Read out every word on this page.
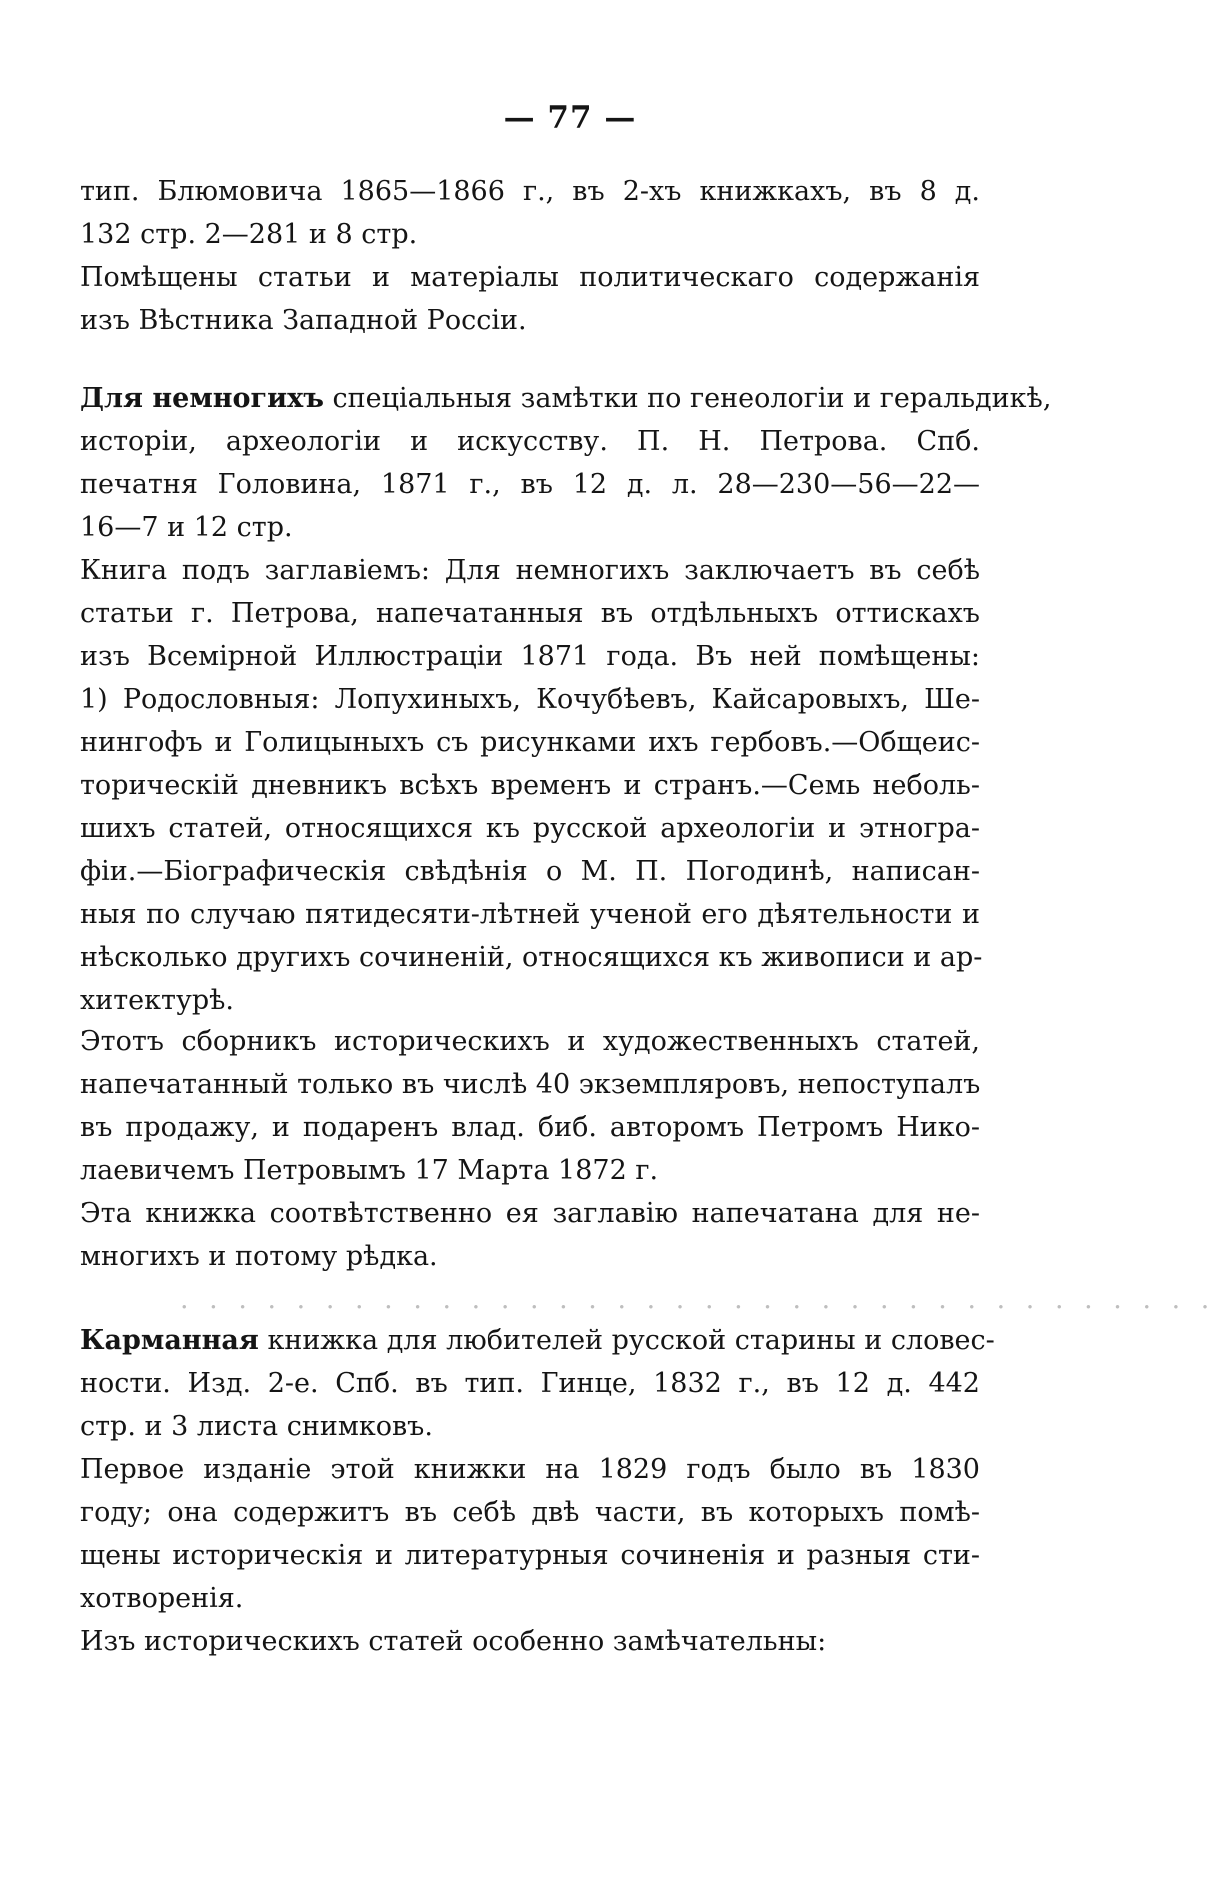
— 77 —
тип. Блюмовича 1865—1866 г., въ 2-хъ книжкахъ, въ 8 д.
132 стр. 2—281 и 8 стр.
Помѣщены статьи и матеріалы политическаго содержанія
изъ Вѣстника Западной Россіи.
Для немногихъ спеціальныя замѣтки по генеологіи и геральдикѣ,
исторіи, археологіи и искусству. П. Н. Петрова. Спб.
печатня Головина, 1871 г., въ 12 д. л. 28—230—56—22—
16—7 и 12 стр.
Книга подъ заглавіемъ: Для немногихъ заключаетъ въ себѣ
статьи г. Петрова, напечатанныя въ отдѣльныхъ оттискахъ
изъ Всемірной Иллюстраціи 1871 года. Въ ней помѣщены:
1) Родословныя: Лопухиныхъ, Кочубѣевъ, Кайсаровыхъ, Ше-
нингофъ и Голицыныхъ съ рисунками ихъ гербовъ.—Общеис-
торическій дневникъ всѣхъ временъ и странъ.—Семь неболь-
шихъ статей, относящихся къ русской археологіи и этногра-
фіи.—Біографическія свѣдѣнія о М. П. Погодинѣ, написан-
ныя по случаю пятидесяти-лѣтней ученой его дѣятельности и
нѣсколько другихъ сочиненій, относящихся къ живописи и ар-
хитектурѣ.
Этотъ сборникъ историческихъ и художественныхъ статей,
напечатанный только въ числѣ 40 экземпляровъ, непоступалъ
въ продажу, и подаренъ влад. биб. авторомъ Петромъ Нико-
лаевичемъ Петровымъ 17 Марта 1872 г.
Эта книжка соотвѣтственно ея заглавію напечатана для не-
многихъ и потому рѣдка.
· · · · · · · · · · · · · · · · · · · · · · · · · · · · · · · · · · · ·
Карманная книжка для любителей русской старины и словес-
ности. Изд. 2-е. Спб. въ тип. Гинце, 1832 г., въ 12 д. 442
стр. и 3 листа снимковъ.
Первое изданіе этой книжки на 1829 годъ было въ 1830
году; она содержитъ въ себѣ двѣ части, въ которыхъ помѣ-
щены историческія и литературныя сочиненія и разныя сти-
хотворенія.
Изъ историческихъ статей особенно замѣчательны:
